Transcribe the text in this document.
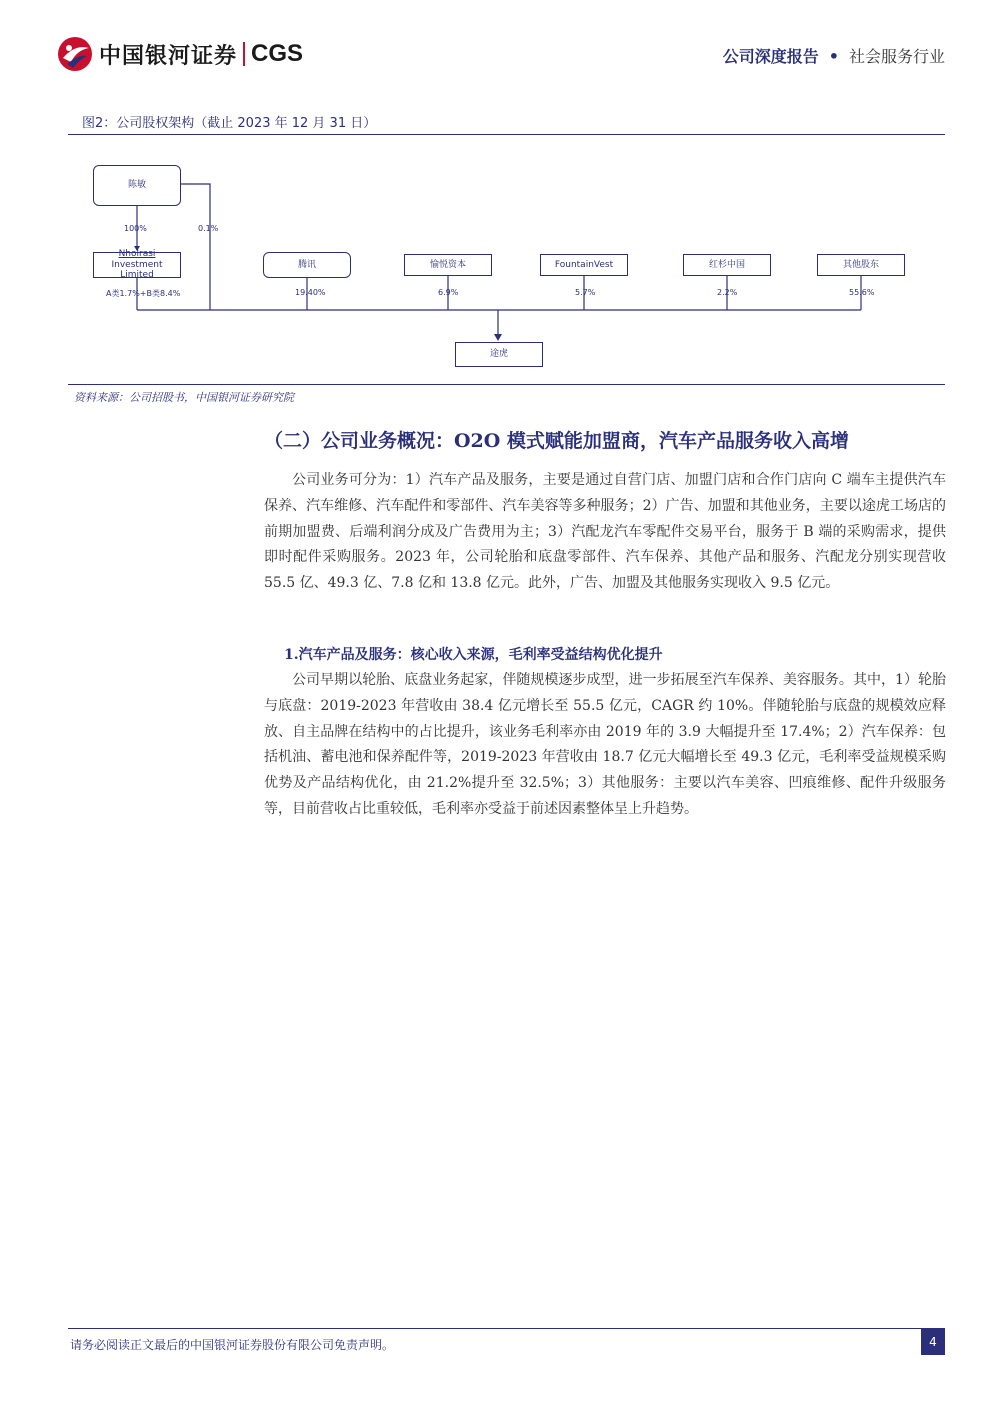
中国银河证券 CGS	公司深度报告 • 社会服务行业
图2：公司股权架构（截止 2023 年 12 月 31 日）
陈敏
100%	0.1%
Nholrasi
Investment Limited
A类1.7%+B类8.4%
腾讯
19.40%
愉悦资本
6.9%
FountainVest
5.7%
红杉中国
2.2%
其他股东
55.6%
途虎
资料来源：公司招股书，中国银河证券研究院
（二）公司业务概况：O2O 模式赋能加盟商，汽车产品服务收入高增

公司业务可分为：1）汽车产品及服务，主要是通过自营门店、加盟门店和合作门店向 C 端车主提供汽车保养、汽车维修、汽车配件和零部件、汽车美容等多种服务；2）广告、加盟和其他业务，主要以途虎工场店的前期加盟费、后端利润分成及广告费用为主；3）汽配龙汽车零配件交易平台，服务于 B 端的采购需求，提供即时配件采购服务。2023 年，公司轮胎和底盘零部件、汽车保养、其他产品和服务、汽配龙分别实现营收 55.5 亿、49.3 亿、7.8 亿和 13.8 亿元。此外，广告、加盟及其他服务实现收入 9.5 亿元。

1.汽车产品及服务：核心收入来源，毛利率受益结构优化提升

公司早期以轮胎、底盘业务起家，伴随规模逐步成型，进一步拓展至汽车保养、美容服务。其中，1）轮胎与底盘：2019-2023 年营收由 38.4 亿元增长至 55.5 亿元，CAGR 约 10%。伴随轮胎与底盘的规模效应释放、自主品牌在结构中的占比提升，该业务毛利率亦由 2019 年的 3.9 大幅提升至 17.4%；2）汽车保养：包括机油、蓄电池和保养配件等，2019-2023 年营收由 18.7 亿元大幅增长至 49.3 亿元，毛利率受益规模采购优势及产品结构优化，由 21.2%提升至 32.5%；3）其他服务：主要以汽车美容、凹痕维修、配件升级服务等，目前营收占比重较低，毛利率亦受益于前述因素整体呈上升趋势。

请务必阅读正文最后的中国银河证券股份有限公司免责声明。	4
